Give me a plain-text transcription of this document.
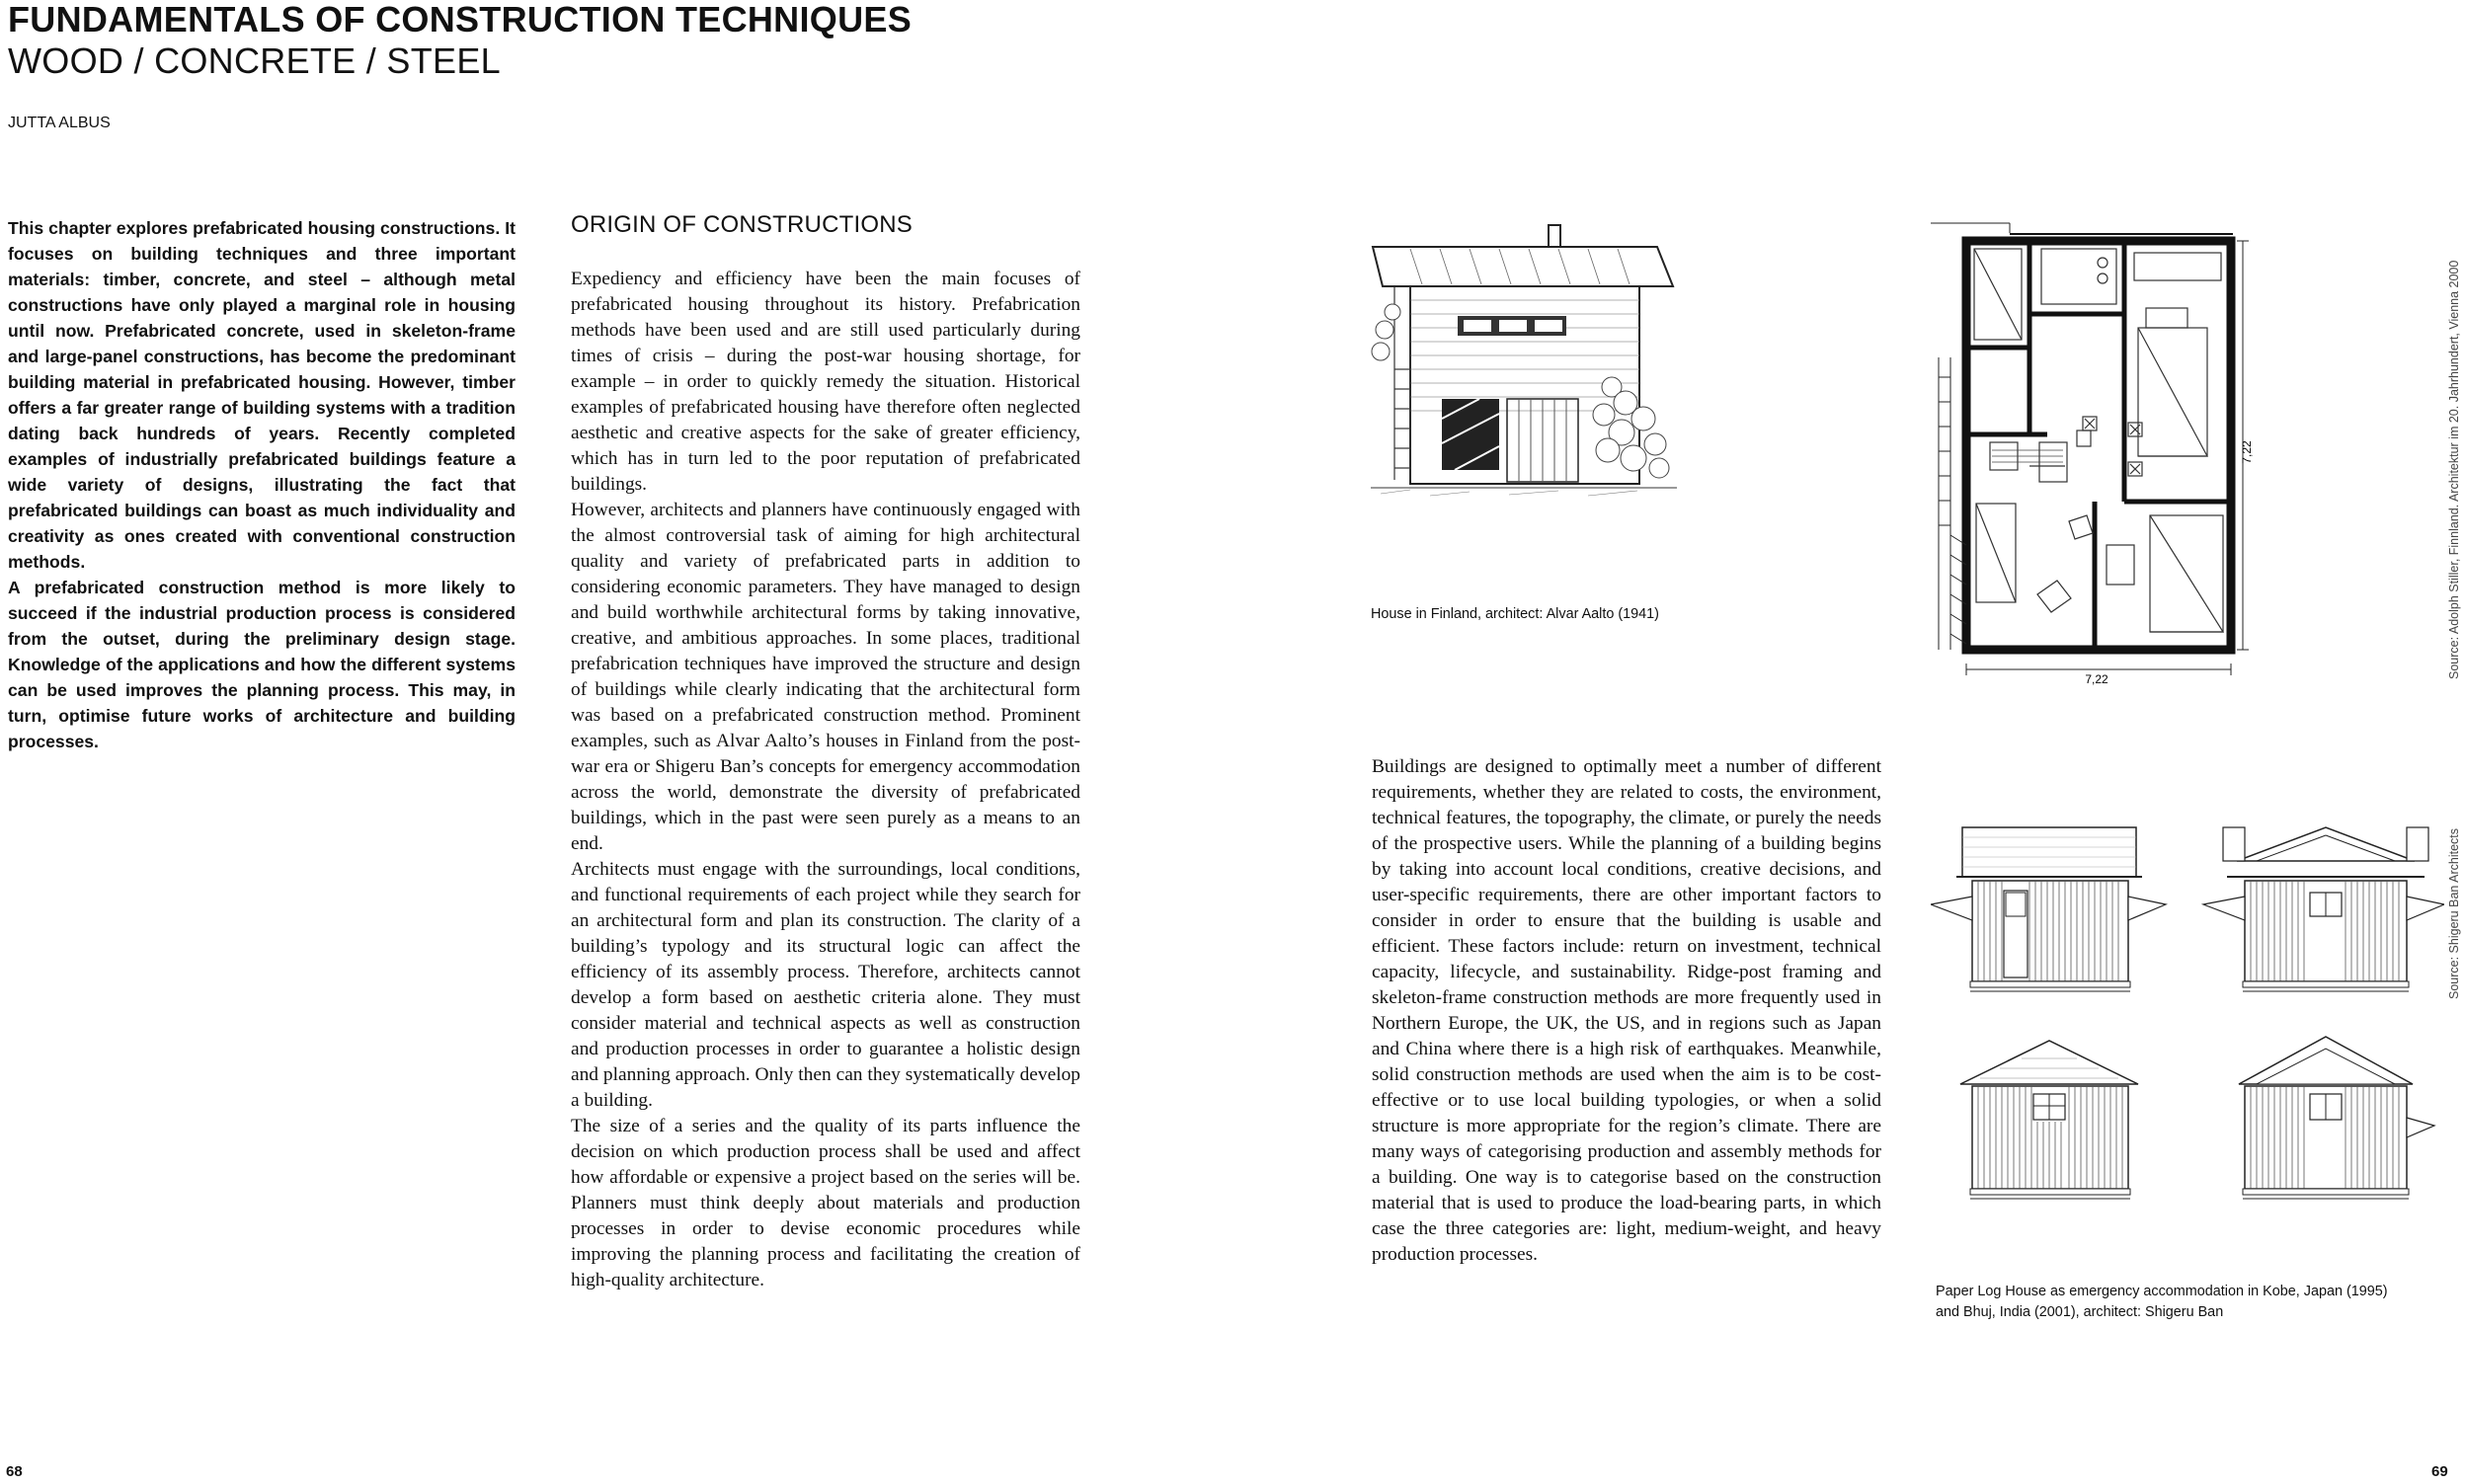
FUNDAMENTALS OF CONSTRUCTION TECHNIQUES
WOOD / CONCRETE / STEEL
JUTTA ALBUS

This chapter explores prefabricated housing constructions. It focuses on building techniques and three important materials: timber, concrete, and steel – although metal constructions have only played a marginal role in housing until now. Prefabricated concrete, used in skeleton-frame and large-panel constructions, has become the predominant building material in prefabricated housing. However, timber offers a far greater range of building systems with a tradition dating back hundreds of years. Recently completed examples of industrially prefabricated buildings feature a wide variety of designs, illustrating the fact that prefabricated buildings can boast as much individuality and creativity as ones created with conventional construction methods.

A prefabricated construction method is more likely to succeed if the industrial production process is considered from the outset, during the preliminary design stage. Knowledge of the applications and how the different systems can be used improves the planning process. This may, in turn, optimise future works of architecture and building processes.

ORIGIN OF CONSTRUCTIONS

Expediency and efficiency have been the main focuses of prefabricated housing throughout its history. Prefabrication methods have been used and are still used particularly during times of crisis – during the post-war housing shortage, for example – in order to quickly remedy the situation. Historical examples of prefabricated housing have therefore often neglected aesthetic and creative aspects for the sake of greater efficiency, which has in turn led to the poor reputation of prefabricated buildings.

However, architects and planners have continuously engaged with the almost controversial task of aiming for high architectural quality and variety of prefabricated parts in addition to considering economic parameters. They have managed to design and build worthwhile architectural forms by taking innovative, creative, and ambitious approaches. In some places, traditional prefabrication techniques have improved the structure and design of buildings while clearly indicating that the architectural form was based on a prefabricated construction method. Prominent examples, such as Alvar Aalto’s houses in Finland from the post-war era or Shigeru Ban’s concepts for emergency accommodation across the world, demonstrate the diversity of prefabricated buildings, which in the past were seen purely as a means to an end.

Architects must engage with the surroundings, local conditions, and functional requirements of each project while they search for an architectural form and plan its construction. The clarity of a building’s typology and its structural logic can affect the efficiency of its assembly process. Therefore, architects cannot develop a form based on aesthetic criteria alone. They must consider material and technical aspects as well as construction and production processes in order to guarantee a holistic design and planning approach. Only then can they systematically develop a building.

The size of a series and the quality of its parts influence the decision on which production process shall be used and affect how affordable or expensive a project based on the series will be. Planners must think deeply about materials and production processes in order to devise economic procedures while improving the planning process and facilitating the creation of high-quality architecture.

House in Finland, architect: Alvar Aalto (1941)
7,22
7,22	Source: Adolph Stiller, Finnland. Architektur im 20. Jahrhundert, Vienna 2000

Buildings are designed to optimally meet a number of different requirements, whether they are related to costs, the environment, technical features, the topography, the climate, or purely the needs of the prospective users. While the planning of a building begins by taking into account local conditions, creative decisions, and user-specific requirements, there are other important factors to consider in order to ensure that the building is usable and efficient. These factors include: return on investment, technical capacity, lifecycle, and sustainability. Ridge-post framing and skeleton-frame construction methods are more frequently used in Northern Europe, the UK, the US, and in regions such as Japan and China where there is a high risk of earthquakes. Meanwhile, solid construction methods are used when the aim is to be cost-effective or to use local building typologies, or when a solid structure is more appropriate for the region’s climate. There are many ways of categorising production and assembly methods for a building. One way is to categorise based on the construction material that is used to produce the load-bearing parts, in which case the three categories are: light, medium-weight, and heavy production processes.

Source: Shigeru Ban Architects
Paper Log House as emergency accommodation in Kobe, Japan (1995)
and Bhuj, India (2001), architect: Shigeru Ban
68	69
